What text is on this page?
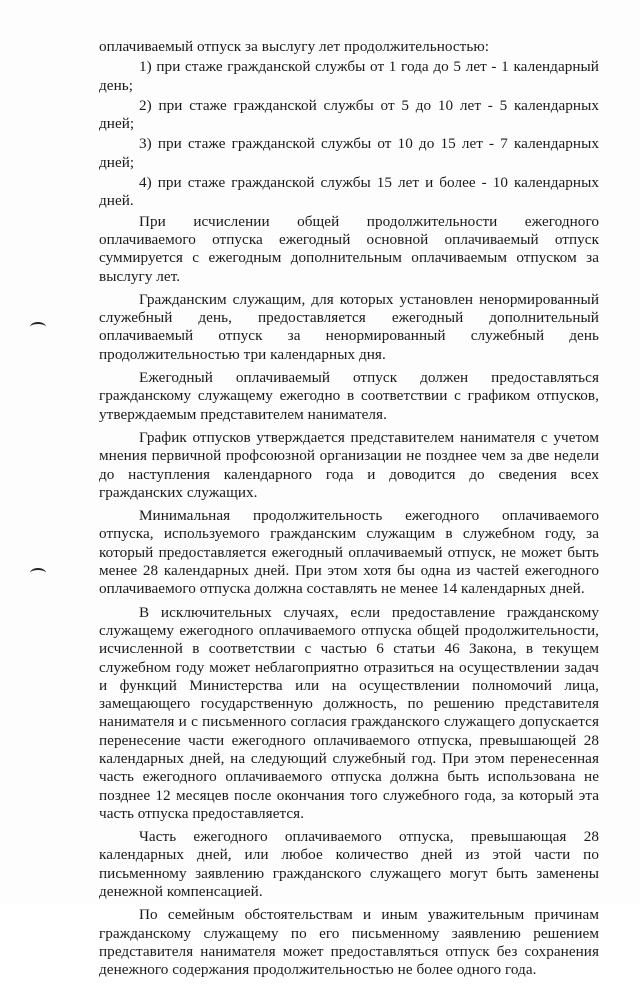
оплачиваемый отпуск за выслугу лет продолжительностью:

1) при стаже гражданской службы от 1 года до 5 лет - 1 календарный день;

2) при стаже гражданской службы от 5 до 10 лет - 5 календарных дней;

3) при стаже гражданской службы от 10 до 15 лет - 7 календарных дней;

4) при стаже гражданской службы 15 лет и более - 10 календарных дней.

При исчислении общей продолжительности ежегодного оплачиваемого отпуска ежегодный основной оплачиваемый отпуск суммируется с ежегодным дополнительным оплачиваемым отпуском за выслугу лет.

Гражданским служащим, для которых установлен ненормированный служебный день, предоставляется ежегодный дополнительный оплачиваемый отпуск за ненормированный служебный день продолжительностью три календарных дня.

Ежегодный оплачиваемый отпуск должен предоставляться гражданскому служащему ежегодно в соответствии с графиком отпусков, утверждаемым представителем нанимателя.

График отпусков утверждается представителем нанимателя с учетом мнения первичной профсоюзной организации не позднее чем за две недели до наступления календарного года и доводится до сведения всех гражданских служащих.

Минимальная продолжительность ежегодного оплачиваемого отпуска, используемого гражданским служащим в служебном году, за который предоставляется ежегодный оплачиваемый отпуск, не может быть менее 28 календарных дней. При этом хотя бы одна из частей ежегодного оплачиваемого отпуска должна составлять не менее 14 календарных дней.

В исключительных случаях, если предоставление гражданскому служащему ежегодного оплачиваемого отпуска общей продолжительности, исчисленной в соответствии с частью 6 статьи 46 Закона, в текущем служебном году может неблагоприятно отразиться на осуществлении задач и функций Министерства или на осуществлении полномочий лица, замещающего государственную должность, по решению представителя нанимателя и с письменного согласия гражданского служащего допускается перенесение части ежегодного оплачиваемого отпуска, превышающей 28 календарных дней, на следующий служебный год. При этом перенесенная часть ежегодного оплачиваемого отпуска должна быть использована не позднее 12 месяцев после окончания того служебного года, за который эта часть отпуска предоставляется.

Часть ежегодного оплачиваемого отпуска, превышающая 28 календарных дней, или любое количество дней из этой части по письменному заявлению гражданского служащего могут быть заменены денежной компенсацией.

По семейным обстоятельствам и иным уважительным причинам гражданскому служащему по его письменному заявлению решением представителя нанимателя может предоставляться отпуск без сохранения денежного содержания продолжительностью не более одного года.
